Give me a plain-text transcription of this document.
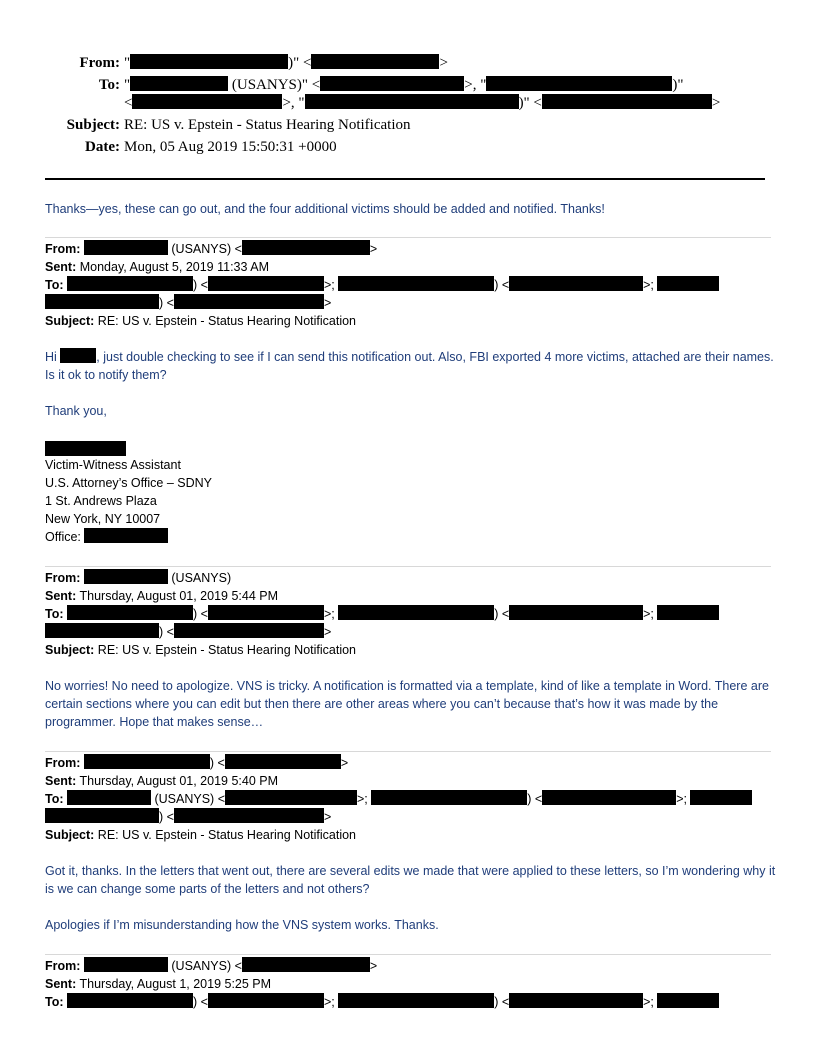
From: "	)" <	>
To: "	(USANYS)" <	>, "	)"
<	>, "	)" <	>
Subject: RE: US v. Epstein - Status Hearing Notification
Date: Mon, 05 Aug 2019 15:50:31 +0000
Thanks—yes, these can go out, and the four additional victims should be added and notified. Thanks!
From:	(USANYS) <	>
Sent: Monday, August 5, 2019 11:33 AM
To:	) <	>;	) <	>;
) <	>
Subject: RE: US v. Epstein - Status Hearing Notification
Hi	, just double checking to see if I can send this notification out. Also, FBI exported 4 more victims, attached are their names. Is it ok to notify them?
Thank you,
Victim-Witness Assistant
U.S. Attorney’s Office – SDNY
1 St. Andrews Plaza
New York, NY 10007
Office:
From:	(USANYS)
Sent: Thursday, August 01, 2019 5:44 PM
To:	) <	>;	) <	>;
) <	>
Subject: RE: US v. Epstein - Status Hearing Notification
No worries! No need to apologize. VNS is tricky. A notification is formatted via a template, kind of like a template in Word. There are certain sections where you can edit but then there are other areas where you can’t because that’s how it was made by the programmer. Hope that makes sense…
From:	) <	>
Sent: Thursday, August 01, 2019 5:40 PM
To:	(USANYS) <	>;	) <	>;
) <	>
Subject: RE: US v. Epstein - Status Hearing Notification
Got it, thanks. In the letters that went out, there are several edits we made that were applied to these letters, so I’m wondering why it is we can change some parts of the letters and not others?
Apologies if I’m misunderstanding how the VNS system works. Thanks.
From:	(USANYS) <	>
Sent: Thursday, August 1, 2019 5:25 PM
To:	) <	>;	) <	>;
